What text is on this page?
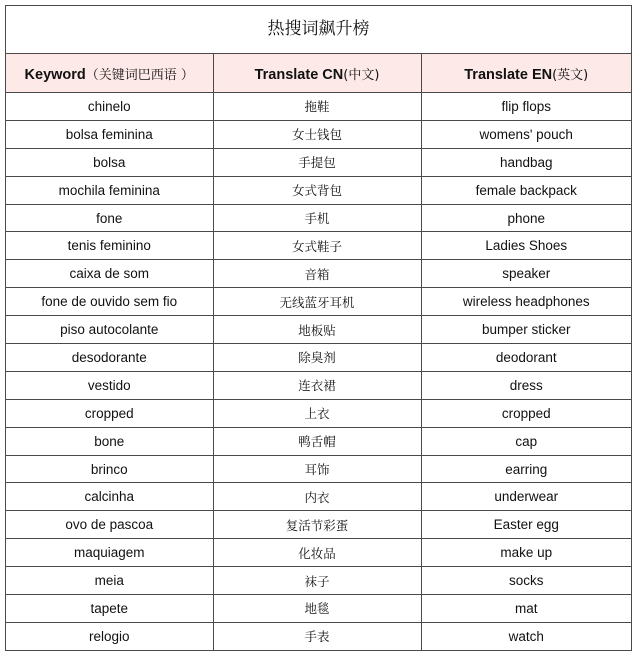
热搜词飙升榜
Keyword（关键词巴西语 ）	Translate CN(中文)	Translate EN(英文)
chinelo	拖鞋	flip flops
bolsa feminina	女士钱包	womens' pouch
bolsa	手提包	handbag
mochila feminina	女式背包	female backpack
fone	手机	phone
tenis feminino	女式鞋子	Ladies Shoes
caixa de som	音箱	speaker
fone de ouvido sem fio	无线蓝牙耳机	wireless headphones
piso autocolante	地板贴	bumper sticker
desodorante	除臭剂	deodorant
vestido	连衣裙	dress
cropped	上衣	cropped
bone	鸭舌帽	cap
brinco	耳饰	earring
calcinha	内衣	underwear
ovo de pascoa	复活节彩蛋	Easter egg
maquiagem	化妆品	make up
meia	袜子	socks
tapete	地毯	mat
relogio	手表	watch
